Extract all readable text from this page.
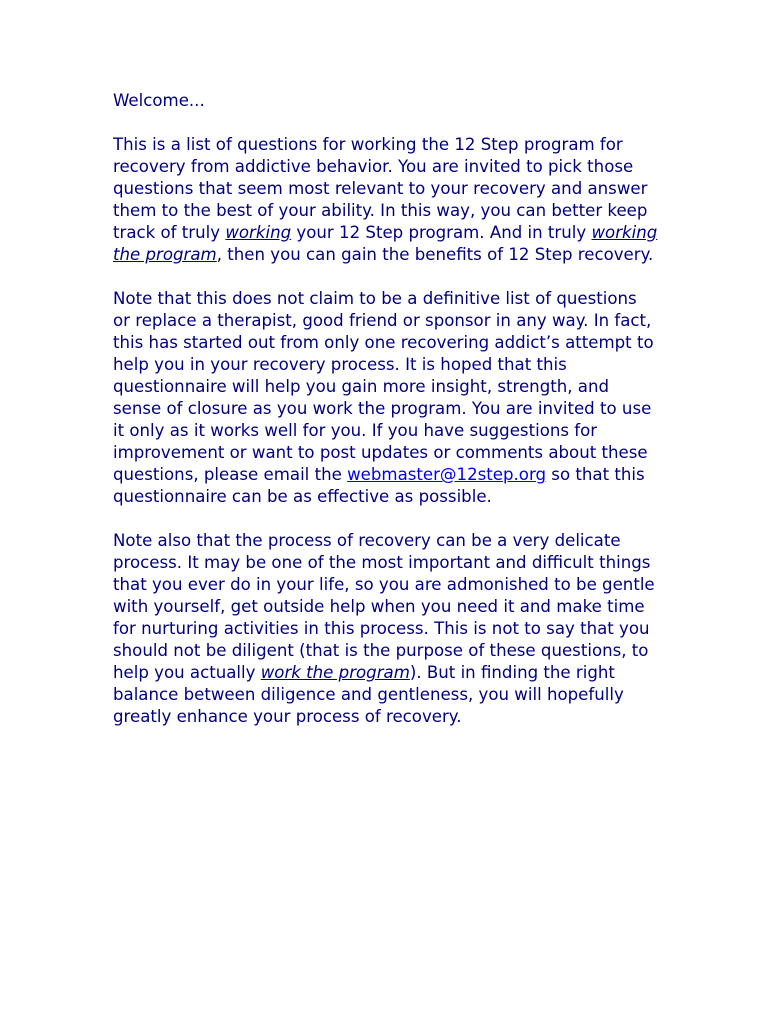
Welcome...

This is a list of questions for working the 12 Step program for recovery from addictive behavior. You are invited to pick those questions that seem most relevant to your recovery and answer them to the best of your ability. In this way, you can better keep track of truly working your 12 Step program. And in truly working the program, then you can gain the benefits of 12 Step recovery.

Note that this does not claim to be a definitive list of questions or replace a therapist, good friend or sponsor in any way. In fact, this has started out from only one recovering addict’s attempt to help you in your recovery process. It is hoped that this questionnaire will help you gain more insight, strength, and sense of closure as you work the program. You are invited to use it only as it works well for you. If you have suggestions for improvement or want to post updates or comments about these questions, please email the webmaster@12step.org so that this questionnaire can be as effective as possible.

Note also that the process of recovery can be a very delicate process. It may be one of the most important and difficult things that you ever do in your life, so you are admonished to be gentle with yourself, get outside help when you need it and make time for nurturing activities in this process. This is not to say that you should not be diligent (that is the purpose of these questions, to help you actually work the program). But in finding the right balance between diligence and gentleness, you will hopefully greatly enhance your process of recovery.
